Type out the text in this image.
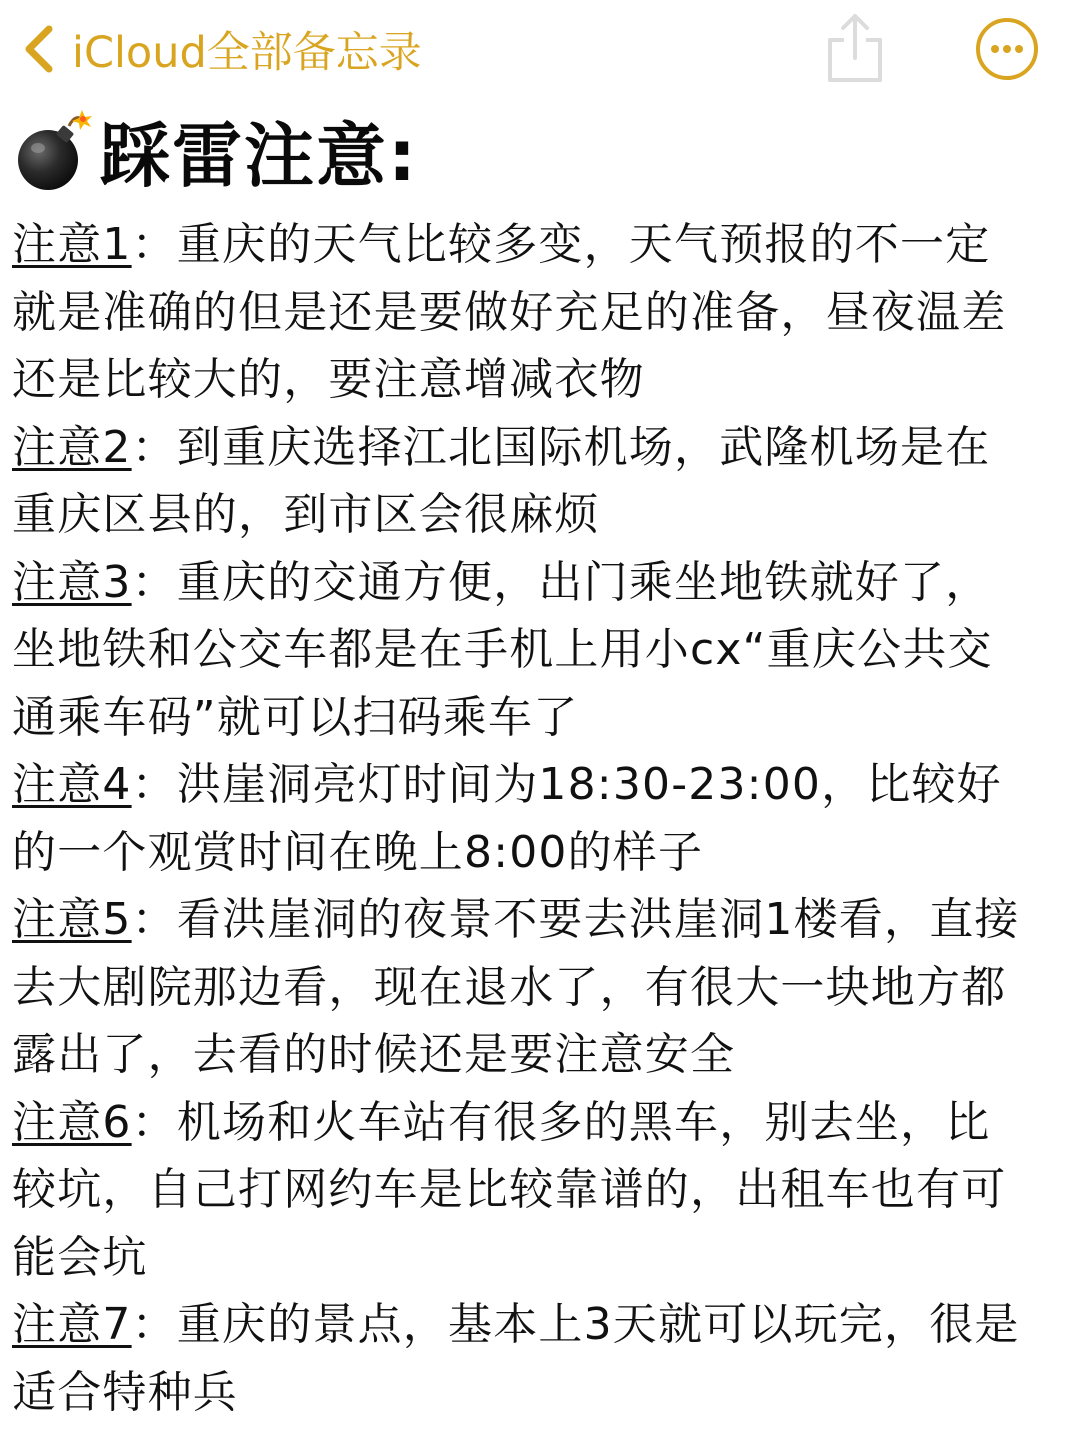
iCloud全部备忘录
踩雷注意:
注意1：重庆的天气比较多变，天气预报的不一定
就是准确的但是还是要做好充足的准备，昼夜温差
还是比较大的，要注意增减衣物
注意2：到重庆选择江北国际机场，武隆机场是在
重庆区县的，到市区会很麻烦
注意3：重庆的交通方便，出门乘坐地铁就好了，
坐地铁和公交车都是在手机上用小cx“重庆公共交
通乘车码”就可以扫码乘车了
注意4：洪崖洞亮灯时间为18:30-23:00，比较好
的一个观赏时间在晚上8:00的样子
注意5：看洪崖洞的夜景不要去洪崖洞1楼看，直接
去大剧院那边看，现在退水了，有很大一块地方都
露出了，去看的时候还是要注意安全
注意6：机场和火车站有很多的黑车，别去坐，比
较坑，自己打网约车是比较靠谱的，出租车也有可
能会坑
注意7：重庆的景点，基本上3天就可以玩完，很是
适合特种兵
